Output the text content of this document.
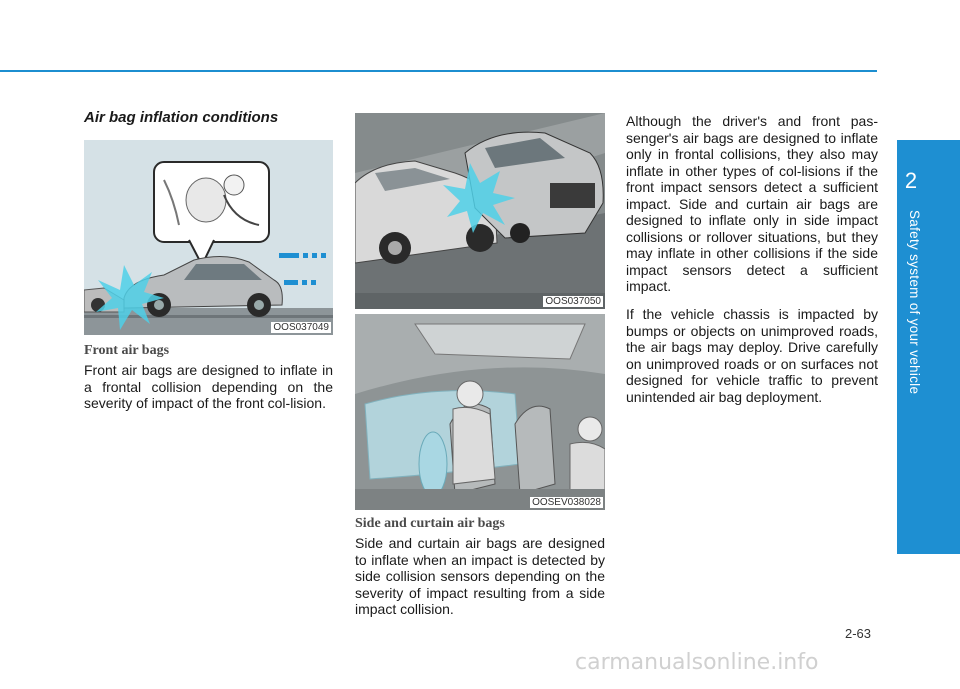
2
Safety system of your vehicle
Air bag inflation conditions
OOS037049
Front air bags

Front air bags are designed to inflate in a frontal collision depending on the severity of impact of the front col-lision.

OOS037050
OOSEV038028
Side and curtain air bags

Side and curtain air bags are designed to inflate when an impact is detected by side collision sensors depending on the severity of impact resulting from a side impact collision.

Although the driver's and front pas-senger's air bags are designed to inflate only in frontal collisions, they also may inflate in other types of col-lisions if the front impact sensors detect a sufficient impact. Side and curtain air bags are designed to inflate only in side impact collisions or rollover situations, but they may inflate in other collisions if the side impact sensors detect a sufficient impact.

If the vehicle chassis is impacted by bumps or objects on unimproved roads, the air bags may deploy. Drive carefully on unimproved roads or on surfaces not designed for vehicle traffic to prevent unintended air bag deployment.

2-63
carmanualsonline.info
